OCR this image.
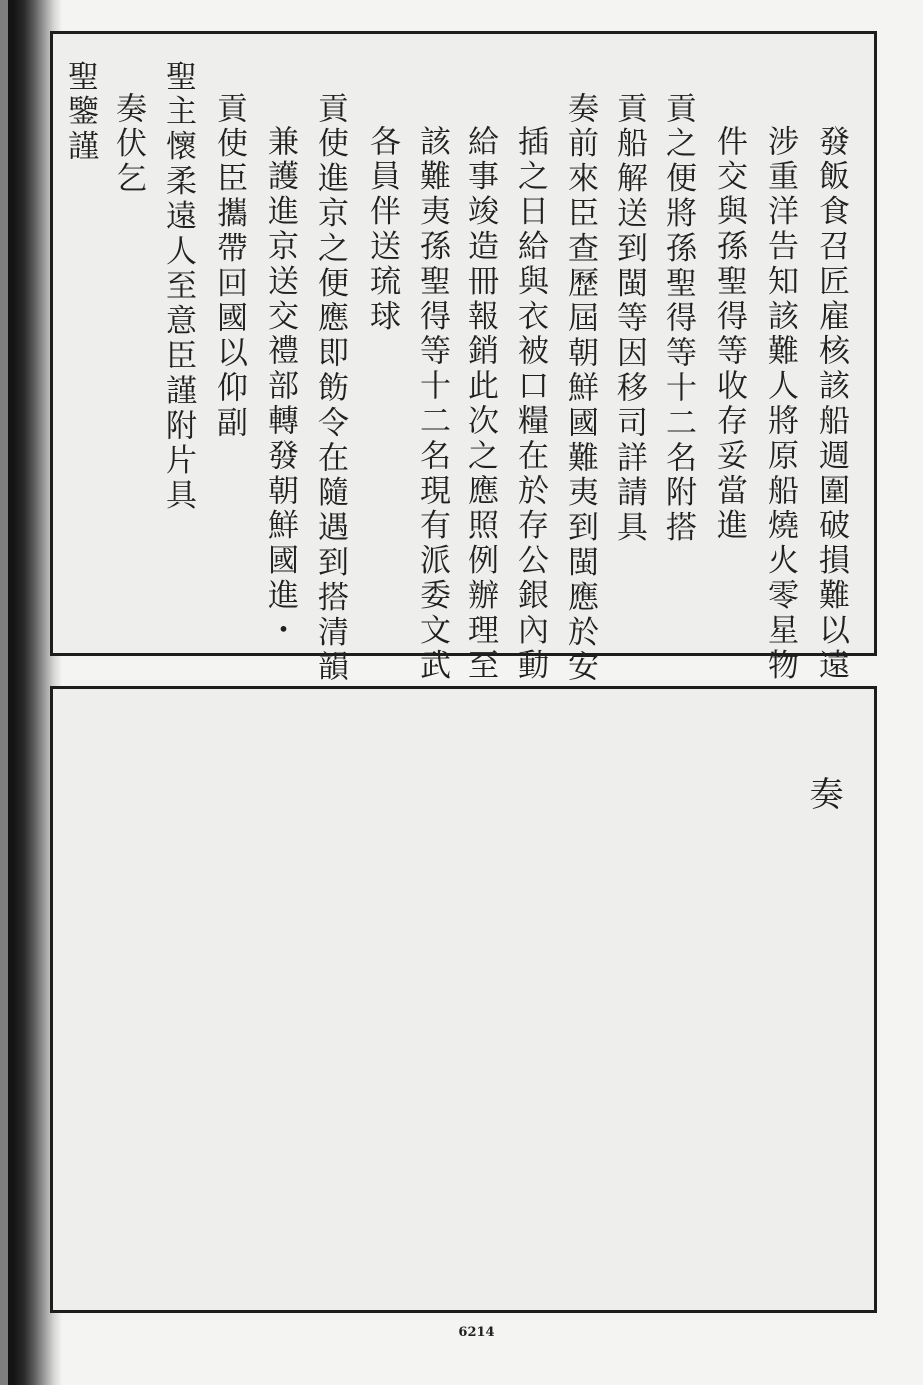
發飯食召匠雇核該船週圍破損難以遠
涉重洋告知該難人將原船燒火零星物
件交與孫聖得等收存妥當進
貢之便將孫聖得等十二名附搭
貢船解送到閩等因移司詳請具
奏前來臣查歷屆朝鮮國難夷到閩應於安
插之日給與衣被口糧在於存公銀內動
給事竣造冊報銷此次之應照例辦理至
該難夷孫聖得等十二名現有派委文武
各員伴送琉球
貢使進京之便應即飭令在隨遇到搭清韻
兼護進京送交禮部轉發朝鮮國進・
貢使臣攜帶回國以仰副
聖主懷柔遠人至意臣謹附片具
奏伏乞
聖鑒謹
奏
6214
